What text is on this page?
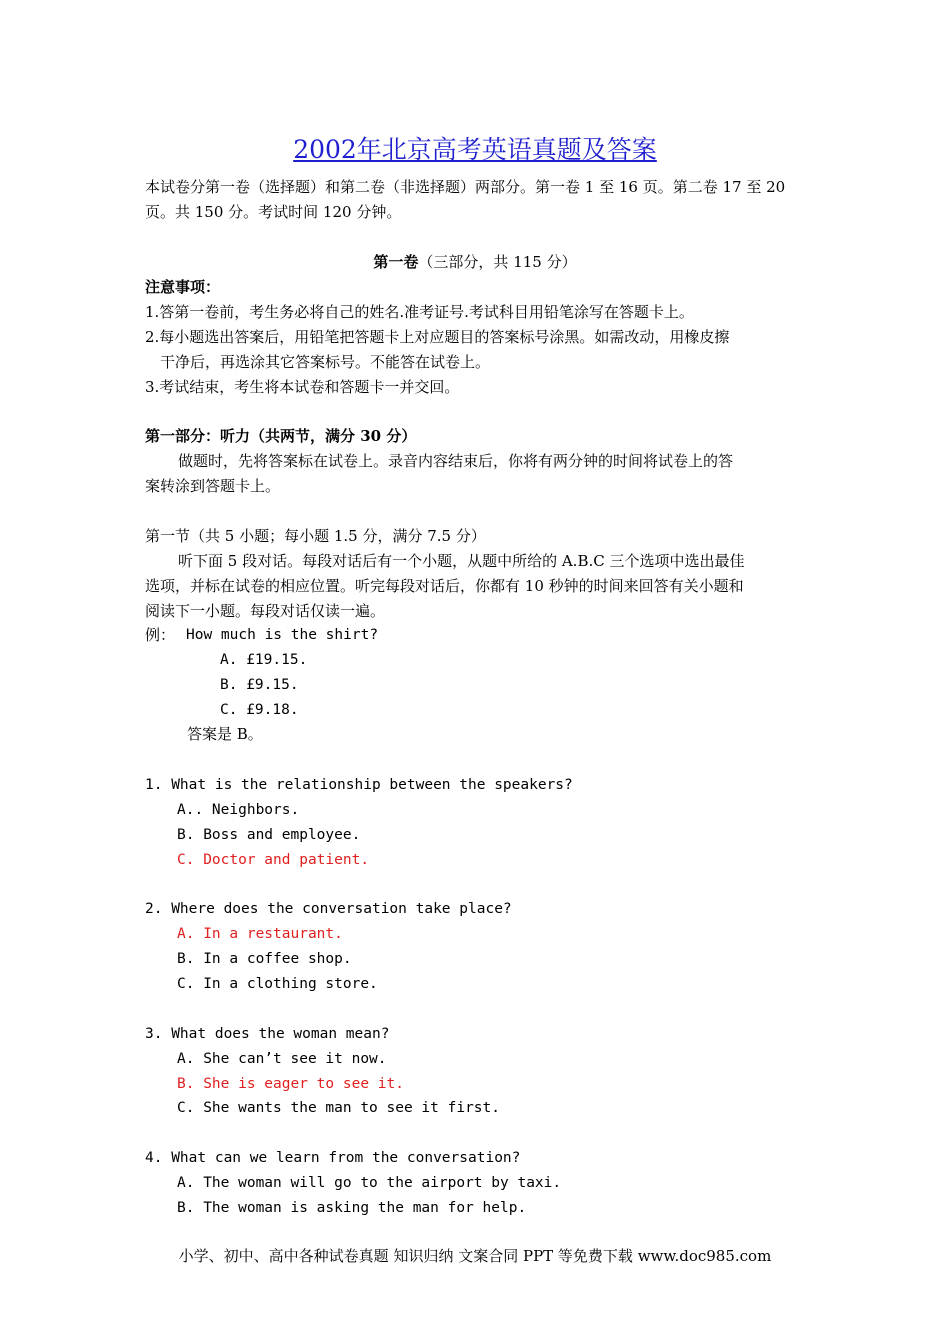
2002年北京高考英语真题及答案
本试卷分第一卷（选择题）和第二卷（非选择题）两部分。第一卷 1 至 16 页。第二卷 17 至 20 页。共 150 分。考试时间 120 分钟。
第一卷（三部分，共 115 分）
注意事项：
1.答第一卷前，考生务必将自己的姓名.准考证号.考试科目用铅笔涂写在答题卡上。
2.每小题选出答案后，用铅笔把答题卡上对应题目的答案标号涂黑。如需改动，用橡皮擦
干净后，再选涂其它答案标号。不能答在试卷上。
3.考试结束，考生将本试卷和答题卡一并交回。
第一部分：听力（共两节，满分 30 分）
做题时，先将答案标在试卷上。录音内容结束后，你将有两分钟的时间将试卷上的答
案转涂到答题卡上。
第一节（共 5 小题；每小题 1.5 分，满分 7.5 分）
听下面 5 段对话。每段对话后有一个小题，从题中所给的 A.B.C 三个选项中选出最佳
选项，并标在试卷的相应位置。听完每段对话后，你都有 10 秒钟的时间来回答有关小题和
阅读下一小题。每段对话仅读一遍。
例： How much is the shirt?
A. £19.15.
B. £9.15.
C. £9.18.
答案是 B。
1. What is the relationship between the speakers?
A.. Neighbors.
B. Boss and employee.
C. Doctor and patient.
2. Where does the conversation take place?
A. In a restaurant.
B. In a coffee shop.
C. In a clothing store.
3. What does the woman mean?
A. She can’t see it now.
B. She is eager to see it.
C. She wants the man to see it first.
4. What can we learn from the conversation?
A. The woman will go to the airport by taxi.
B. The woman is asking the man for help.
小学、初中、高中各种试卷真题 知识归纳 文案合同 PPT 等免费下载 www.doc985.com
